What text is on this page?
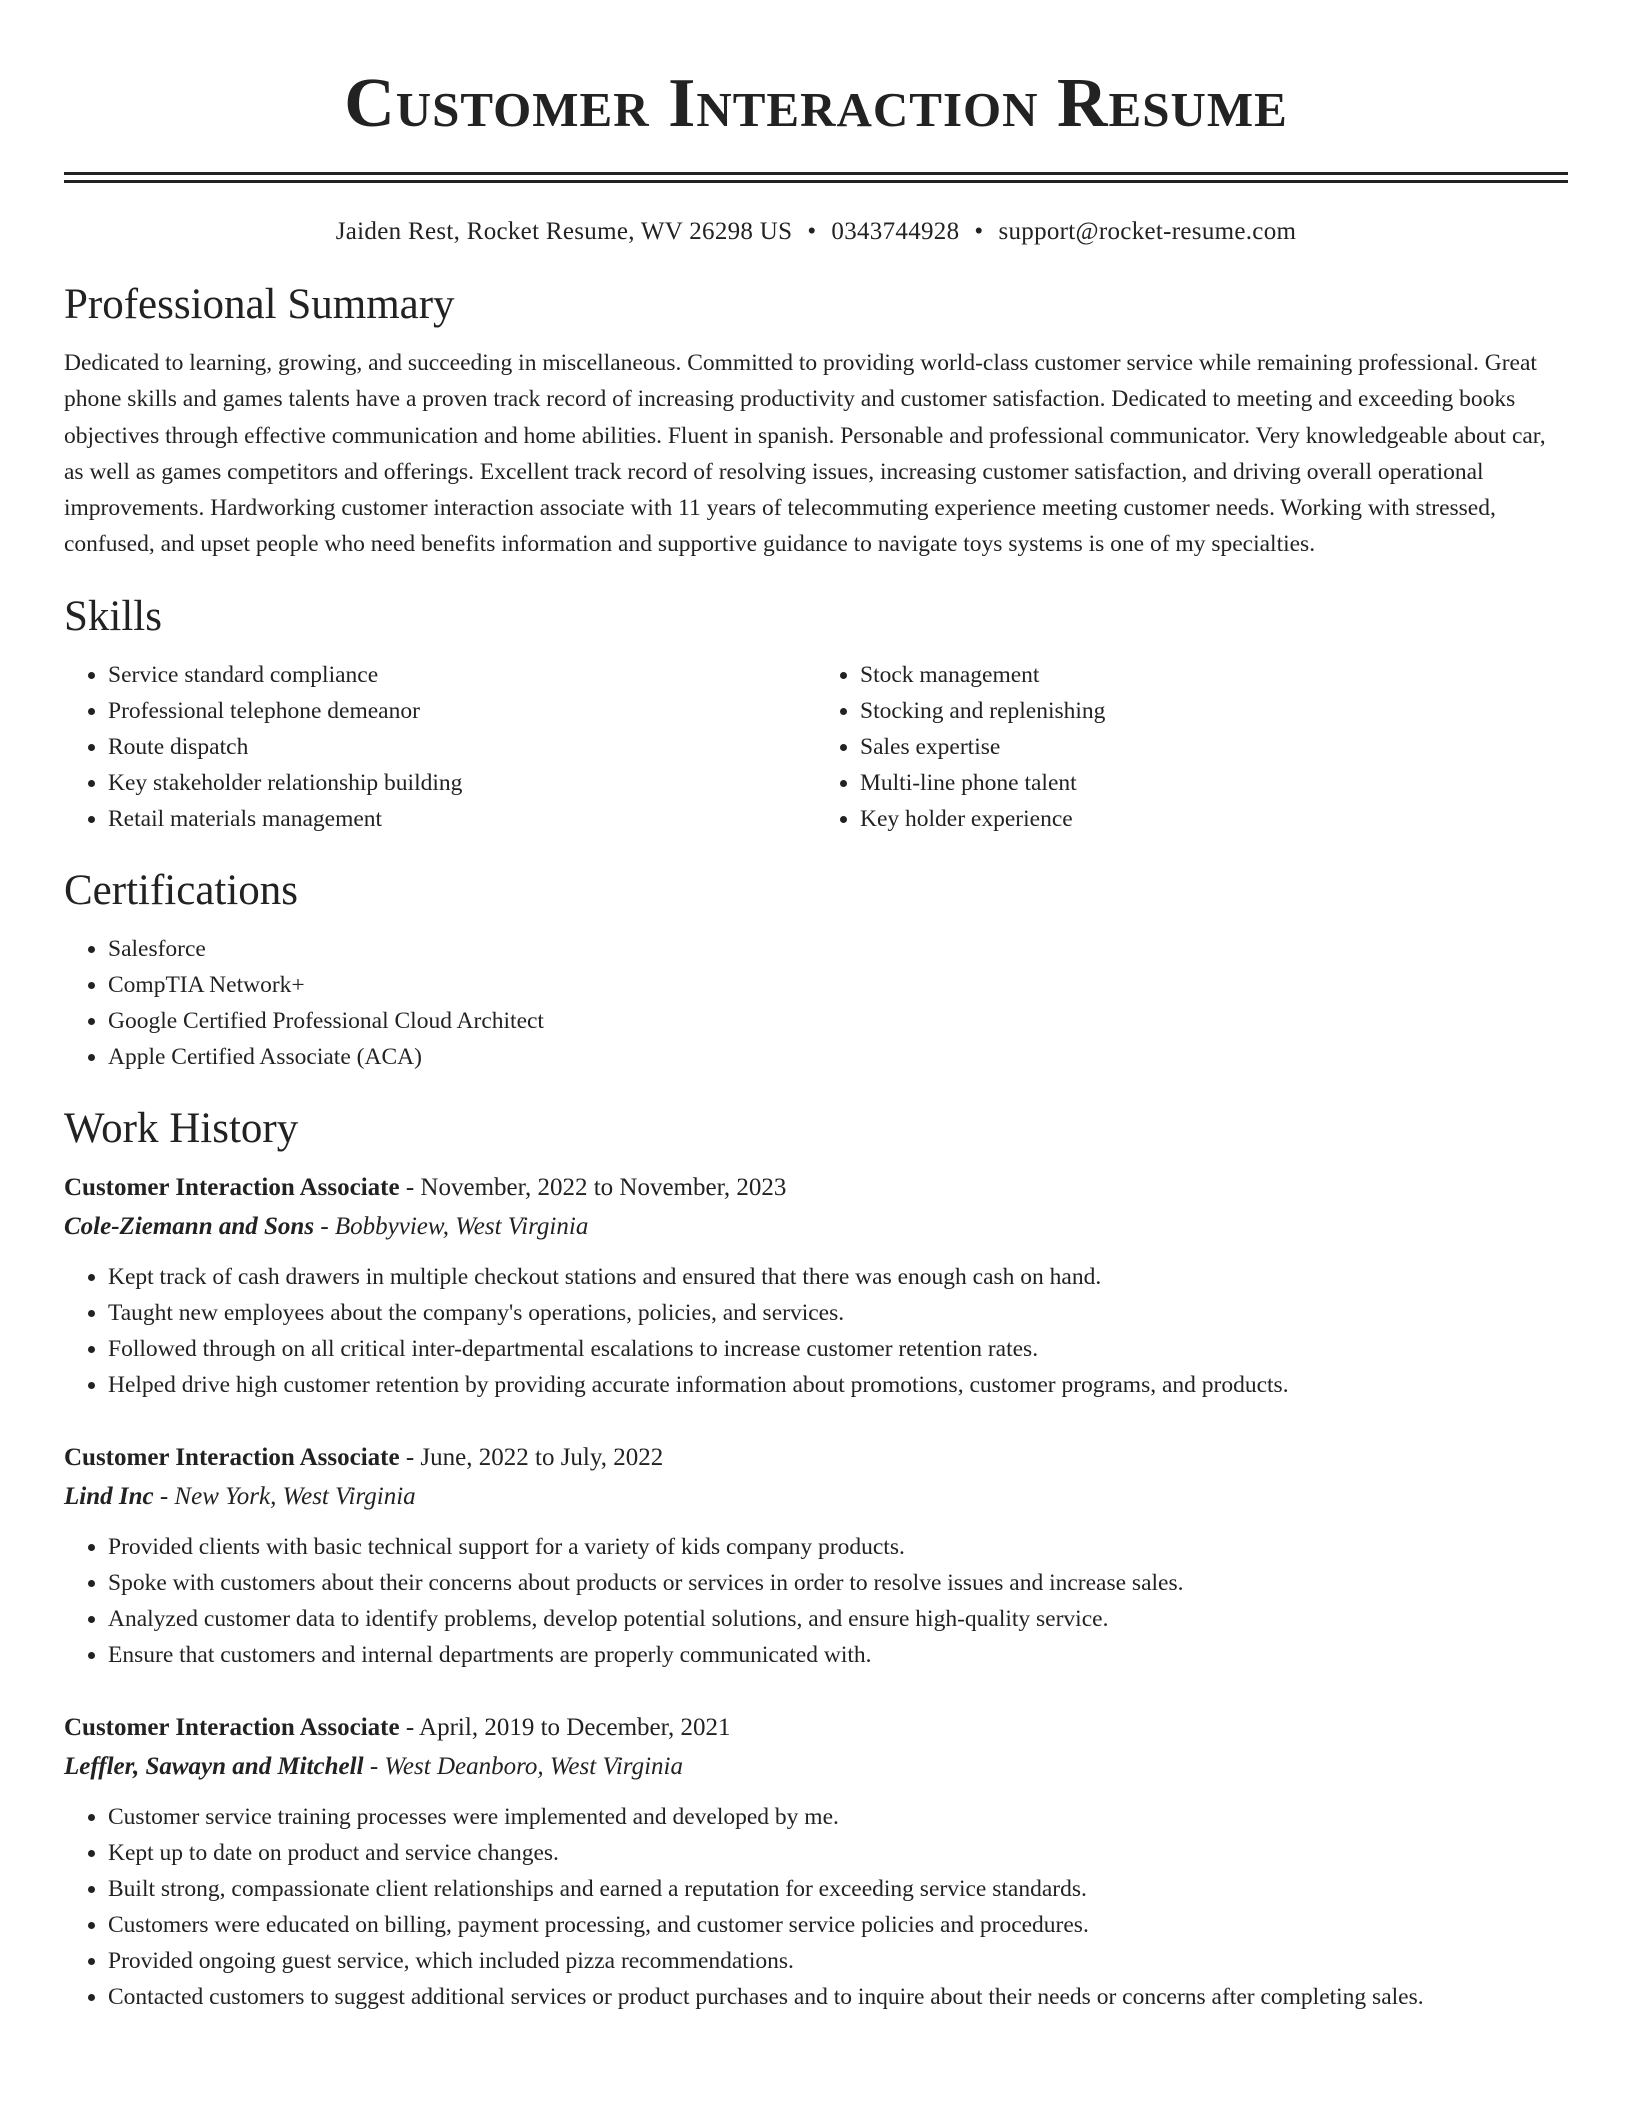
Customer Interaction Resume
Jaiden Rest, Rocket Resume, WV 26298 US • 0343744928 • support@rocket-resume.com
Professional Summary

Dedicated to learning, growing, and succeeding in miscellaneous. Committed to providing world-class customer service while remaining professional. Great phone skills and games talents have a proven track record of increasing productivity and customer satisfaction. Dedicated to meeting and exceeding books objectives through effective communication and home abilities. Fluent in spanish. Personable and professional communicator. Very knowledgeable about car, as well as games competitors and offerings. Excellent track record of resolving issues, increasing customer satisfaction, and driving overall operational improvements. Hardworking customer interaction associate with 11 years of telecommuting experience meeting customer needs. Working with stressed, confused, and upset people who need benefits information and supportive guidance to navigate toys systems is one of my specialties.

Skills
• Service standard compliance
• Professional telephone demeanor
• Route dispatch
• Key stakeholder relationship building
• Retail materials management
• Stock management
• Stocking and replenishing
• Sales expertise
• Multi-line phone talent
• Key holder experience
Certifications
• Salesforce
• CompTIA Network+
• Google Certified Professional Cloud Architect
• Apple Certified Associate (ACA)
Work History
Customer Interaction Associate - November, 2022 to November, 2023
Cole-Ziemann and Sons - Bobbyview, West Virginia
• Kept track of cash drawers in multiple checkout stations and ensured that there was enough cash on hand.
• Taught new employees about the company's operations, policies, and services.
• Followed through on all critical inter-departmental escalations to increase customer retention rates.
• Helped drive high customer retention by providing accurate information about promotions, customer programs, and products.
Customer Interaction Associate - June, 2022 to July, 2022
Lind Inc - New York, West Virginia
• Provided clients with basic technical support for a variety of kids company products.
• Spoke with customers about their concerns about products or services in order to resolve issues and increase sales.
• Analyzed customer data to identify problems, develop potential solutions, and ensure high-quality service.
• Ensure that customers and internal departments are properly communicated with.
Customer Interaction Associate - April, 2019 to December, 2021
Leffler, Sawayn and Mitchell - West Deanboro, West Virginia
• Customer service training processes were implemented and developed by me.
• Kept up to date on product and service changes.
• Built strong, compassionate client relationships and earned a reputation for exceeding service standards.
• Customers were educated on billing, payment processing, and customer service policies and procedures.
• Provided ongoing guest service, which included pizza recommendations.
• Contacted customers to suggest additional services or product purchases and to inquire about their needs or concerns after completing sales.
